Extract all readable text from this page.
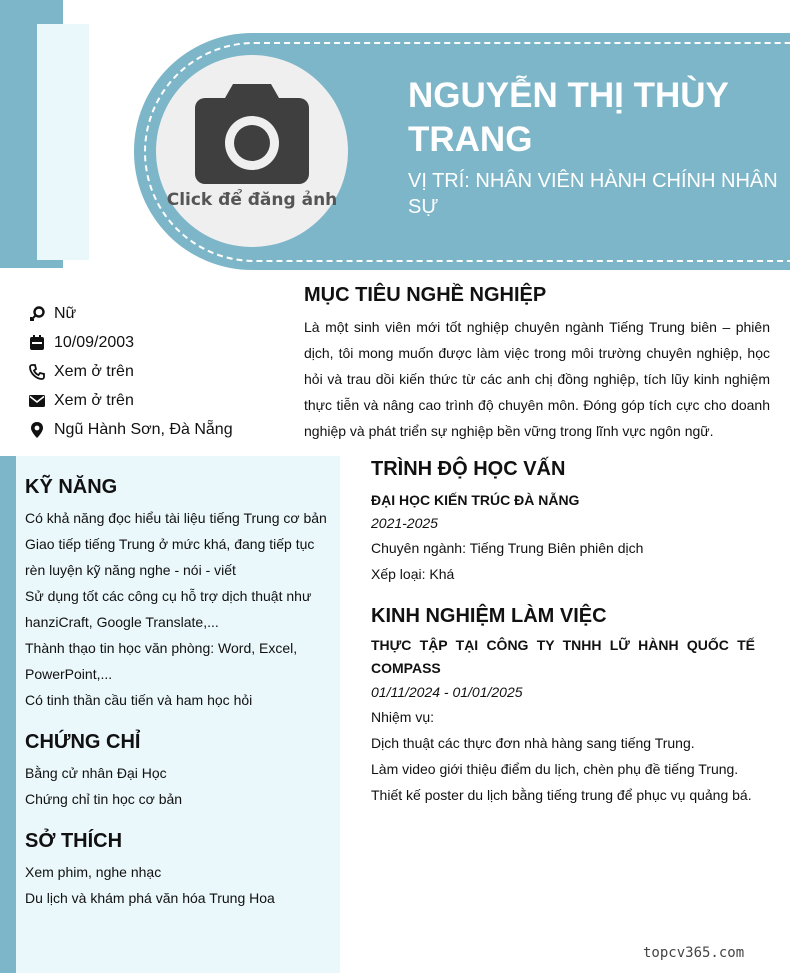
Click để đăng ảnh
NGUYỄN THỊ THÙY TRANG
VỊ TRÍ: NHÂN VIÊN HÀNH CHÍNH NHÂN SỰ
Nữ
10/09/2003
Xem ở trên
Xem ở trên
Ngũ Hành Sơn, Đà Nẵng
MỤC TIÊU NGHỀ NGHIỆP
Là một sinh viên mới tốt nghiệp chuyên ngành Tiếng Trung biên – phiên dịch, tôi mong muốn được làm việc trong môi trường chuyên nghiệp, học hỏi và trau dồi kiến thức từ các anh chị đồng nghiệp, tích lũy kinh nghiệm thực tiễn và nâng cao trình độ chuyên môn. Đóng góp tích cực cho doanh nghiệp và phát triển sự nghiệp bền vững trong lĩnh vực ngôn ngữ.
KỸ NĂNG
Có khả năng đọc hiểu tài liệu tiếng Trung cơ bản
Giao tiếp tiếng Trung ở mức khá, đang tiếp tục rèn luyện kỹ năng nghe - nói - viết
Sử dụng tốt các công cụ hỗ trợ dịch thuật như hanziCraft, Google Translate,...
Thành thạo tin học văn phòng: Word, Excel, PowerPoint,...
Có tinh thần cầu tiến và ham học hỏi
CHỨNG CHỈ
Bằng cử nhân Đại Học
Chứng chỉ tin học cơ bản
SỞ THÍCH
Xem phim, nghe nhạc
Du lịch và khám phá văn hóa Trung Hoa
TRÌNH ĐỘ HỌC VẤN
ĐẠI HỌC KIẾN TRÚC ĐÀ NẴNG
2021-2025
Chuyên ngành: Tiếng Trung Biên phiên dịch
Xếp loại: Khá
KINH NGHIỆM LÀM VIỆC
THỰC TẬP TẠI CÔNG TY TNHH LỮ HÀNH QUỐC TẾ COMPASS
01/11/2024 - 01/01/2025
Nhiệm vụ:
Dịch thuật các thực đơn nhà hàng sang tiếng Trung.
Làm video giới thiệu điểm du lịch, chèn phụ đề tiếng Trung.
Thiết kế poster du lịch bằng tiếng trung để phục vụ quảng bá.
topcv365.com
